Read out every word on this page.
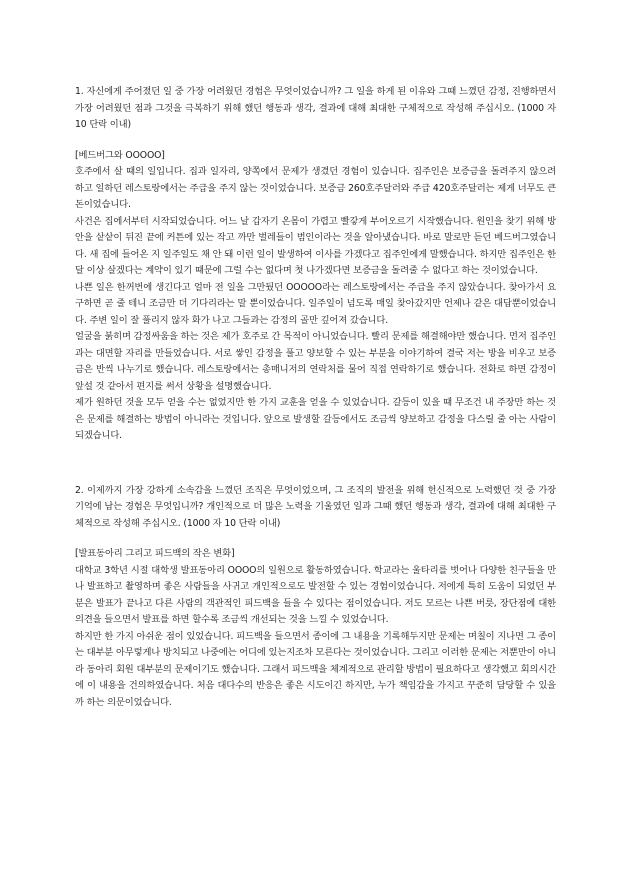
1. 자신에게 주어졌던 일 중 가장 어려웠던 경험은 무엇이었습니까? 그 일을 하게 된 이유와 그때 느꼈던 감정, 진행하면서 가장 어려웠던 점과 그것을 극복하기 위해 했던 행동과 생각, 결과에 대해 최대한 구체적으로 작성해 주십시오. (1000 자 10 단락 이내)

[베드버그와 OOOOO]

호주에서 살 때의 일입니다. 집과 일자리, 양쪽에서 문제가 생겼던 경험이 있습니다. 집주인은 보증금을 돌려주지 않으려 하고 일하던 레스토랑에서는 주급을 주지 않는 것이었습니다. 보증금 260호주달러와 주급 420호주달러는 제게 너무도 큰돈이었습니다.

사건은 집에서부터 시작되었습니다. 어느 날 갑자기 온몸이 가렵고 빨갛게 부어오르기 시작했습니다. 원인을 찾기 위해 방 안을 샅샅이 뒤진 끝에 커튼에 있는 작고 까만 벌레들이 범인이라는 것을 알아냈습니다. 바로 말로만 듣던 베드버그였습니다. 새 집에 들어온 지 일주일도 채 안 돼 이런 일이 발생하여 이사를 가겠다고 집주인에게 말했습니다. 하지만 집주인은 한 달 이상 살겠다는 계약이 있기 때문에 그럴 수는 없다며 첫 나가겠다면 보증금을 돌려줄 수 없다고 하는 것이었습니다.

나쁜 일은 한꺼번에 생긴다고 얼마 전 일을 그만뒀던 OOOOO라는 레스토랑에서는 주급을 주지 않았습니다. 찾아가서 요구하면 곧 줄 테니 조금만 더 기다리라는 말 뿐이었습니다. 일주일이 넘도록 매일 찾아갔지만 언제나 같은 대답뿐이었습니다. 주변 일이 잘 풀리지 않자 화가 나고 그들과는 감정의 골만 깊어져 갔습니다.

얼굴을 붉히며 감정싸움을 하는 것은 제가 호주로 간 목적이 아니었습니다. 빨리 문제를 해결해야만 했습니다. 먼저 집주인과는 대면할 자리를 만들었습니다. 서로 쌓인 감정을 풀고 양보할 수 있는 부분을 이야기하여 결국 저는 방을 비우고 보증금은 반씩 나누기로 했습니다. 레스토랑에서는 총매니저의 연락처를 물어 직접 연락하기로 했습니다. 전화로 하면 감정이 앞설 것 같아서 편지를 써서 상황을 설명했습니다.

제가 원하던 것을 모두 얻을 수는 없었지만 한 가지 교훈을 얻을 수 있었습니다. 갈등이 있을 때 무조건 내 주장만 하는 것은 문제를 해결하는 방법이 아니라는 것입니다. 앞으로 발생할 갈등에서도 조금씩 양보하고 감정을 다스릴 줄 아는 사람이 되겠습니다.

2. 이제까지 가장 강하게 소속감을 느꼈던 조직은 무엇이었으며, 그 조직의 발전을 위해 헌신적으로 노력했던 것 중 가장 기억에 남는 경험은 무엇입니까? 개인적으로 더 많은 노력을 기울였던 일과 그때 했던 행동과 생각, 결과에 대해 최대한 구체적으로 작성해 주십시오. (1000 자 10 단락 이내)

[발표동아리 그리고 피드백의 작은 변화]

대학교 3학년 시절 대학생 발표동아리 OOOO의 일원으로 활동하였습니다. 학교라는 울타리를 벗어나 다양한 친구들을 만나 발표하고 촬영하며 좋은 사람들을 사귀고 개인적으로도 발전할 수 있는 경험이었습니다. 저에게 특히 도움이 되었던 부분은 발표가 끝나고 다른 사람의 객관적인 피드백을 들을 수 있다는 점이었습니다. 저도 모르는 나쁜 버릇, 장단점에 대한 의견을 들으면서 발표를 하면 할수록 조금씩 개선되는 것을 느낄 수 있었습니다.

하지만 한 가지 아쉬운 점이 있었습니다. 피드백을 들으면서 종이에 그 내용을 기록해두지만 문제는 며칠이 지나면 그 종이는 대부분 아무렇게나 방치되고 나중에는 어디에 있는지조차 모른다는 것이었습니다. 그리고 이러한 문제는 저뿐만이 아니라 동아리 회원 대부분의 문제이기도 했습니다. 그래서 피드백을 체계적으로 관리할 방법이 필요하다고 생각했고 회의시간에 이 내용을 건의하였습니다. 처음 대다수의 반응은 좋은 시도이긴 하지만, 누가 책임감을 가지고 꾸준히 담당할 수 있을까 하는 의문이었습니다.
